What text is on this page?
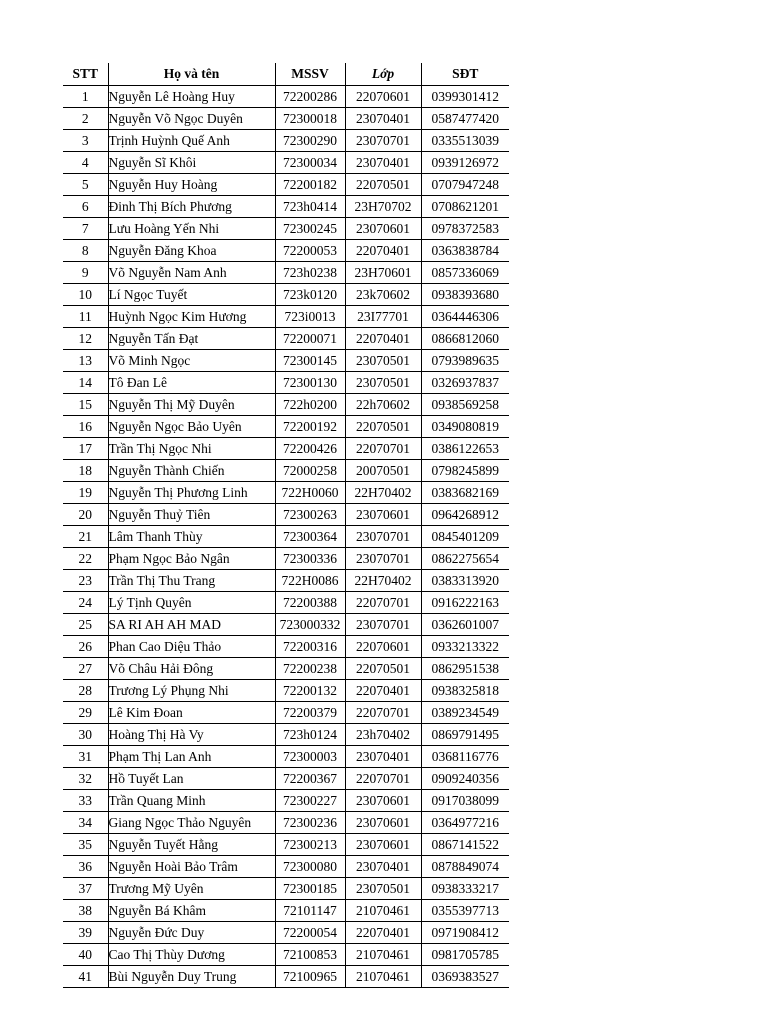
STT	Họ và tên	MSSV	Lớp	SĐT
1	Nguyễn Lê Hoàng Huy	72200286	22070601	0399301412
2	Nguyễn Võ Ngọc Duyên	72300018	23070401	0587477420
3	Trịnh Huỳnh Quế Anh	72300290	23070701	0335513039
4	Nguyễn Sĩ Khôi	72300034	23070401	0939126972
5	Nguyễn Huy Hoàng	72200182	22070501	0707947248
6	Đinh Thị Bích Phương	723h0414	23H70702	0708621201
7	Lưu Hoàng Yến Nhi	72300245	23070601	0978372583
8	Nguyễn Đăng Khoa	72200053	22070401	0363838784
9	Võ Nguyễn Nam Anh	723h0238	23H70601	0857336069
10	Lí Ngọc Tuyết	723k0120	23k70602	0938393680
11	Huỳnh Ngọc Kim Hương	723i0013	23I77701	0364446306
12	Nguyễn Tấn Đạt	72200071	22070401	0866812060
13	Võ Minh Ngọc	72300145	23070501	0793989635
14	Tô Đan Lê	72300130	23070501	0326937837
15	Nguyễn Thị Mỹ Duyên	722h0200	22h70602	0938569258
16	Nguyễn Ngọc Bảo Uyên	72200192	22070501	0349080819
17	Trần Thị Ngọc Nhi	72200426	22070701	0386122653
18	Nguyễn Thành Chiến	72000258	20070501	0798245899
19	Nguyễn Thị Phương Linh	722H0060	22H70402	0383682169
20	Nguyễn Thuỷ Tiên	72300263	23070601	0964268912
21	Lâm Thanh Thùy	72300364	23070701	0845401209
22	Phạm Ngọc Bảo Ngân	72300336	23070701	0862275654
23	Trần Thị Thu Trang	722H0086	22H70402	0383313920
24	Lý Tịnh Quyên	72200388	22070701	0916222163
25	SA RI AH AH MAD	723000332	23070701	0362601007
26	Phan Cao Diệu Thảo	72200316	22070601	0933213322
27	Võ Châu Hải Đông	72200238	22070501	0862951538
28	Trương Lý Phụng Nhi	72200132	22070401	0938325818
29	Lê Kim Đoan	72200379	22070701	0389234549
30	Hoàng Thị Hà Vy	723h0124	23h70402	0869791495
31	Phạm Thị Lan Anh	72300003	23070401	0368116776
32	Hồ Tuyết Lan	72200367	22070701	0909240356
33	Trần Quang Minh	72300227	23070601	0917038099
34	Giang Ngọc Thảo Nguyên	72300236	23070601	0364977216
35	Nguyễn Tuyết Hằng	72300213	23070601	0867141522
36	Nguyễn Hoài Bảo Trâm	72300080	23070401	0878849074
37	Trương Mỹ Uyên	72300185	23070501	0938333217
38	Nguyễn Bá Khâm	72101147	21070461	0355397713
39	Nguyễn Đức Duy	72200054	22070401	0971908412
40	Cao Thị Thùy Dương	72100853	21070461	0981705785
41	Bùi Nguyễn Duy Trung	72100965	21070461	0369383527
